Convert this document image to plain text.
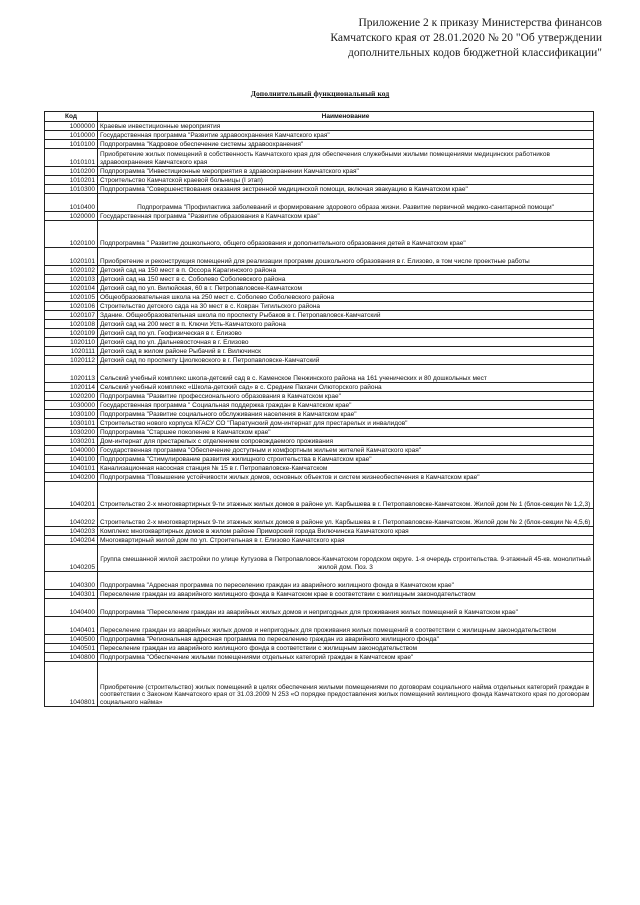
Приложение 2 к приказу Министерства финансов
Камчатского края от 28.01.2020 № 20 "Об утверждении
дополнительных кодов бюджетной классификации"
Дополнительный функциональный код
Код	Наименование
1000000	Краевые инвестиционные мероприятия
1010000	Государственная программа "Развитие здравоохранения Камчатского края"
1010100	Подпрограмма "Кадровое обеспечение системы здравоохранения"
1010101	Приобретение жилых помещений в собственность Камчатского края для обеспечения служебными жилыми помещениями медицинских работников здравоохранения Камчатского края
1010200	Подпрограмма "Инвестиционные мероприятия в здравоохранении Камчатского края"
1010201	Строительство Камчатской краевой больницы (I этап)
1010300	Подпрограмма "Совершенствования оказания экстренной медицинской помощи, включая эвакуацию в Камчатском крае"
1010400	Подпрограмма "Профилактика заболеваний и формирование здорового образа жизни. Развитие первичной медико-санитарной помощи"
1020000	Государственная программа "Развитие образования в Камчатском крае"
1020100	Подпрограмма " Развитие дошкольного, общего образования и дополнительного образования детей в Камчатском крае"
1020101	Приобретение и реконструкция помещений для реализации программ дошкольного образования в г. Елизово, в том числе проектные работы
1020102	Детский сад на 150 мест в п. Оссора Карагинского района
1020103	Детский сад на 150 мест в с. Соболево Соболевского района
1020104	Детский сад по ул. Вилюйская, 60 в г. Петропавловске-Камчатском
1020105	Общеобразовательная школа на 250 мест с. Соболево Соболевского района
1020106	Строительство детского сада на 30 мест в с. Ковран Тигильского района
1020107	Здание. Общеобразовательная школа по проспекту Рыбаков в г. Петропавловск-Камчатский
1020108	Детский сад на 200 мест в п. Ключи Усть-Камчатского района
1020109	Детский сад по ул. Геофизическая в г. Елизово
1020110	Детский сад по ул. Дальневосточная в г. Елизово
1020111	Детский сад в жилом районе Рыбачий в г. Вилючинск
1020112	Детский сад по проспекту Циолковского в г. Петропавловске-Камчатский
1020113	Сельский учебный комплекс школа-детский сад в с. Каменское Пенжинского района на 161 ученических и 80 дошкольных мест
1020114	Сельский учебный комплекс «Школа-детский сад» в с. Средние Пахачи Олюторского района
1020200	Подпрограмма "Развитие профессионального образования в Камчатском крае"
1030000	Государственная программа " Социальная поддержка граждан в Камчатском крае"
1030100	Подпрограмма "Развитие социального обслуживания населения в Камчатском крае"
1030101	Строительство нового корпуса КГАСУ СО "Паратунский дом-интернат для престарелых и инвалидов"
1030200	Подпрограмма "Старшее поколение в Камчатском крае"
1030201	Дом-интернат для престарелых с отделением сопровождаемого проживания
1040000	Государственная программа "Обеспечение доступным и комфортным жильем жителей Камчатского края"
1040100	Подпрограмма "Стимулирование развития жилищного строительства в Камчатском крае"
1040101	Канализационная насосная станция № 15 в г. Петропавловске-Камчатском
1040200	Подпрограмма "Повышение устойчивости жилых домов, основных объектов и систем жизнеобеспечения в Камчатском крае"
1040201	Строительство 2-х многоквартирных 9-ти этажных жилых домов в районе ул. Карбышева в г. Петропавловске-Камчатском. Жилой дом № 1 (блок-секции № 1,2,3)
1040202	Строительство 2-х многоквартирных 9-ти этажных жилых домов в районе ул. Карбышева в г. Петропавловске-Камчатском. Жилой дом № 2 (блок-секции № 4,5,6)
1040203	Комплекс многоквартирных домов в жилом районе Приморский города Вилючинска Камчатского края
1040204	Многоквартирный жилой дом по ул. Строительная в г. Елизово Камчатского края
1040205	Группа смешанной жилой застройки по улице Кутузова в Петропавловск-Камчатском городском округе. 1-я очередь строительства. 9-этажный 45-кв. монолитный жилой дом. Поз. 3
1040300	Подпрограмма "Адресная программа по переселению граждан из аварийного жилищного фонда в Камчатском крае"
1040301	Переселение граждан из аварийного жилищного фонда в Камчатском крае в соответствии с жилищным законодательством
1040400	Подпрограмма "Переселение граждан из аварийных жилых домов и непригодных для проживания жилых помещений в Камчатском крае"
1040401	Переселение граждан из аварийных жилых домов и непригодных для проживания жилых помещений в соответствии с жилищным законодательством
1040500	Подпрограмма "Региональная адресная программа по переселению граждан из аварийного жилищного фонда"
1040501	Переселение граждан из аварийного жилищного фонда в соответствии с жилищным законодательством
1040800	Подпрограмма "Обеспечение жилыми помещениями отдельных категорий граждан в Камчатском крае"
1040801	Приобретение (строительство) жилых помещений в целях обеспечения жилыми помещениями по договорам социального найма отдельных категорий граждан в соответствии с Законом Камчатского края от 31.03.2009 N 253 «О порядке предоставления жилых помещений жилищного фонда Камчатского края по договорам социального найма»
